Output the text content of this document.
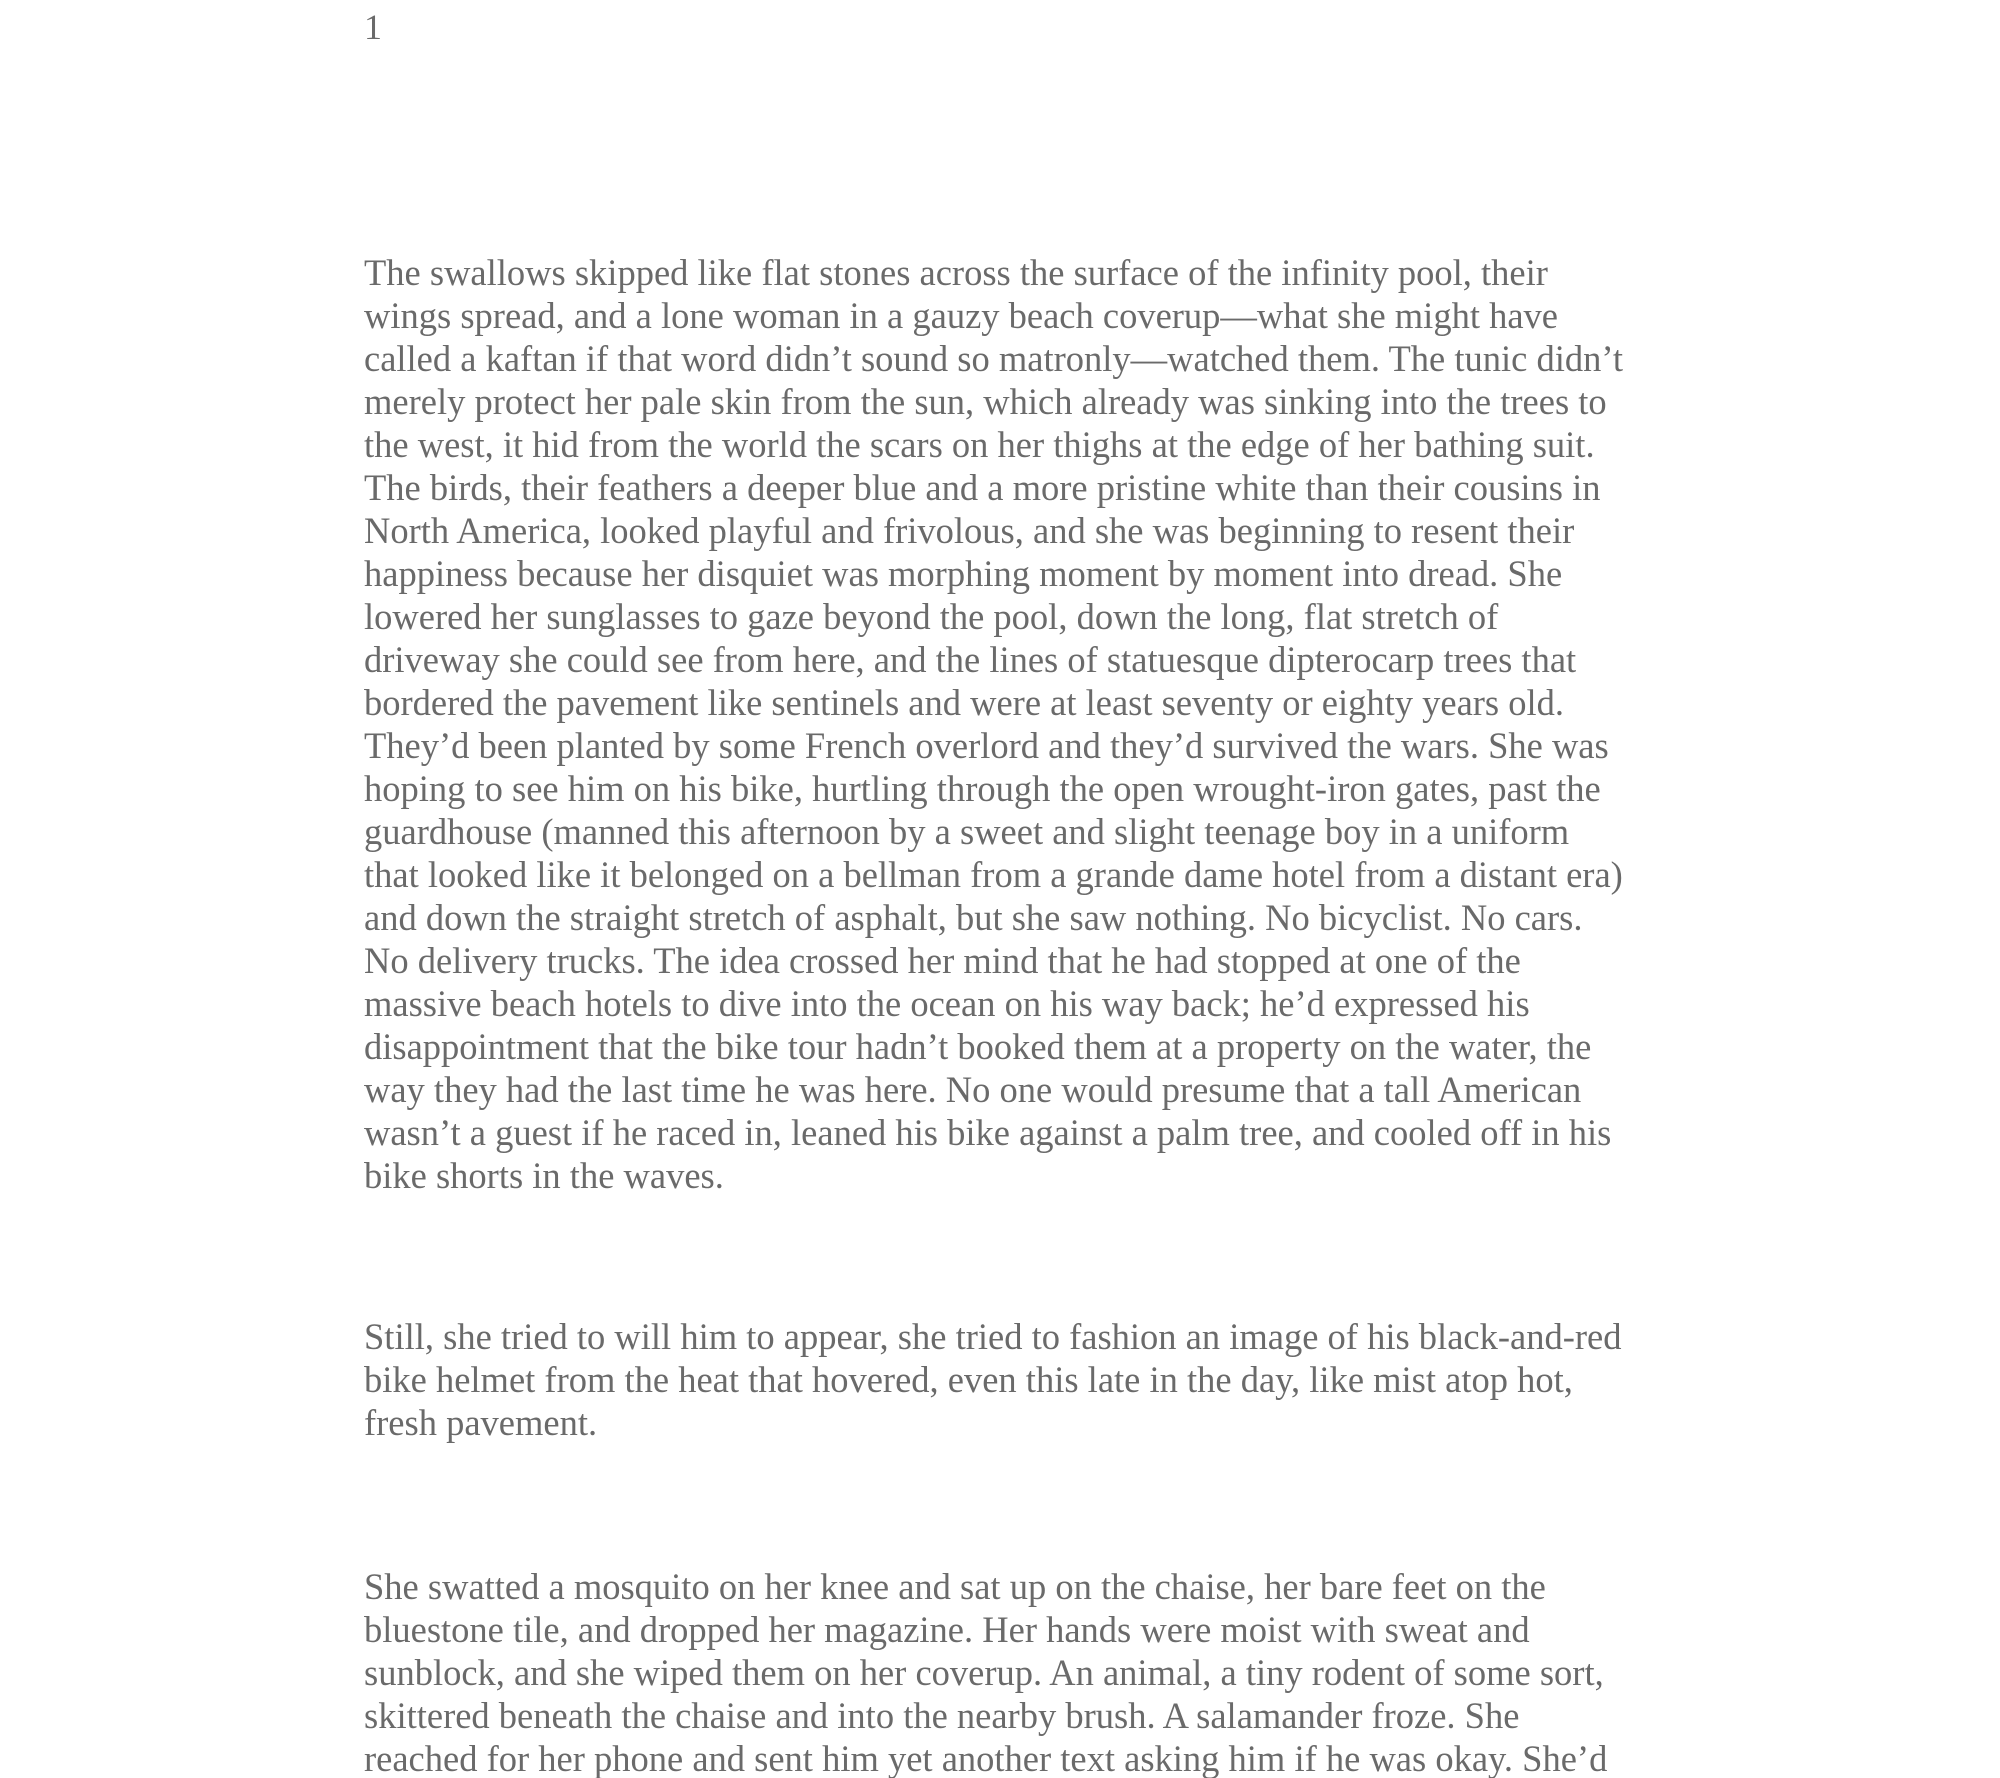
1
The swallows skipped like flat stones across the surface of the infinity pool, their
wings spread, and a lone woman in a gauzy beach coverup—what she might have
called a kaftan if that word didn’t sound so matronly—watched them. The tunic didn’t
merely protect her pale skin from the sun, which already was sinking into the trees to
the west, it hid from the world the scars on her thighs at the edge of her bathing suit.
The birds, their feathers a deeper blue and a more pristine white than their cousins in
North America, looked playful and frivolous, and she was beginning to resent their
happiness because her disquiet was morphing moment by moment into dread. She
lowered her sunglasses to gaze beyond the pool, down the long, flat stretch of
driveway she could see from here, and the lines of statuesque dipterocarp trees that
bordered the pavement like sentinels and were at least seventy or eighty years old.
They’d been planted by some French overlord and they’d survived the wars. She was
hoping to see him on his bike, hurtling through the open wrought-iron gates, past the
guardhouse (manned this afternoon by a sweet and slight teenage boy in a uniform
that looked like it belonged on a bellman from a grande dame hotel from a distant era)
and down the straight stretch of asphalt, but she saw nothing. No bicyclist. No cars.
No delivery trucks. The idea crossed her mind that he had stopped at one of the
massive beach hotels to dive into the ocean on his way back; he’d expressed his
disappointment that the bike tour hadn’t booked them at a property on the water, the
way they had the last time he was here. No one would presume that a tall American
wasn’t a guest if he raced in, leaned his bike against a palm tree, and cooled off in his
bike shorts in the waves.
Still, she tried to will him to appear, she tried to fashion an image of his black-and-red
bike helmet from the heat that hovered, even this late in the day, like mist atop hot,
fresh pavement.
She swatted a mosquito on her knee and sat up on the chaise, her bare feet on the
bluestone tile, and dropped her magazine. Her hands were moist with sweat and
sunblock, and she wiped them on her coverup. An animal, a tiny rodent of some sort,
skittered beneath the chaise and into the nearby brush. A salamander froze. She
reached for her phone and sent him yet another text asking him if he was okay. She’d
